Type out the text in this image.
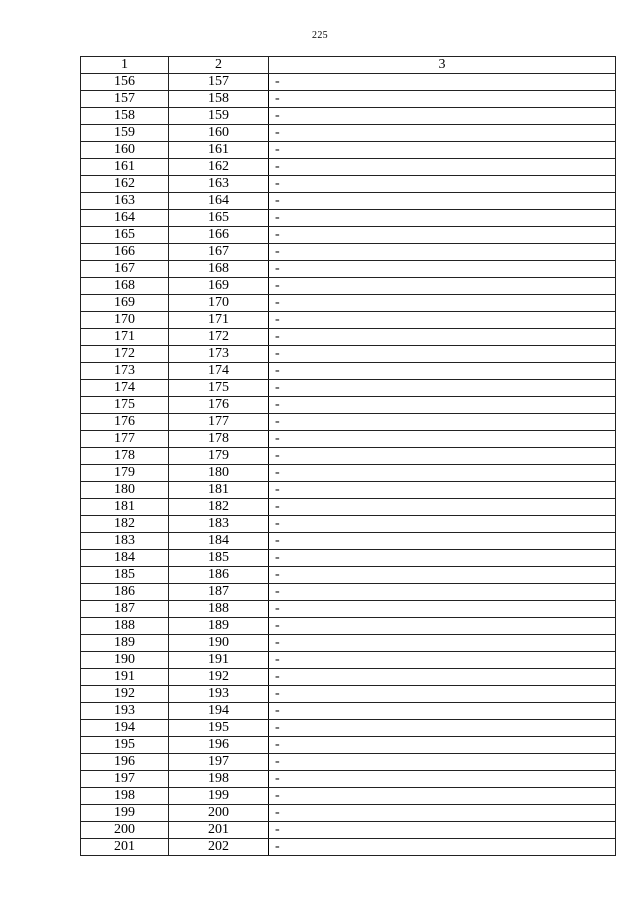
225
1	2	3
156	157	-
157	158	-
158	159	-
159	160	-
160	161	-
161	162	-
162	163	-
163	164	-
164	165	-
165	166	-
166	167	-
167	168	-
168	169	-
169	170	-
170	171	-
171	172	-
172	173	-
173	174	-
174	175	-
175	176	-
176	177	-
177	178	-
178	179	-
179	180	-
180	181	-
181	182	-
182	183	-
183	184	-
184	185	-
185	186	-
186	187	-
187	188	-
188	189	-
189	190	-
190	191	-
191	192	-
192	193	-
193	194	-
194	195	-
195	196	-
196	197	-
197	198	-
198	199	-
199	200	-
200	201	-
201	202	-
